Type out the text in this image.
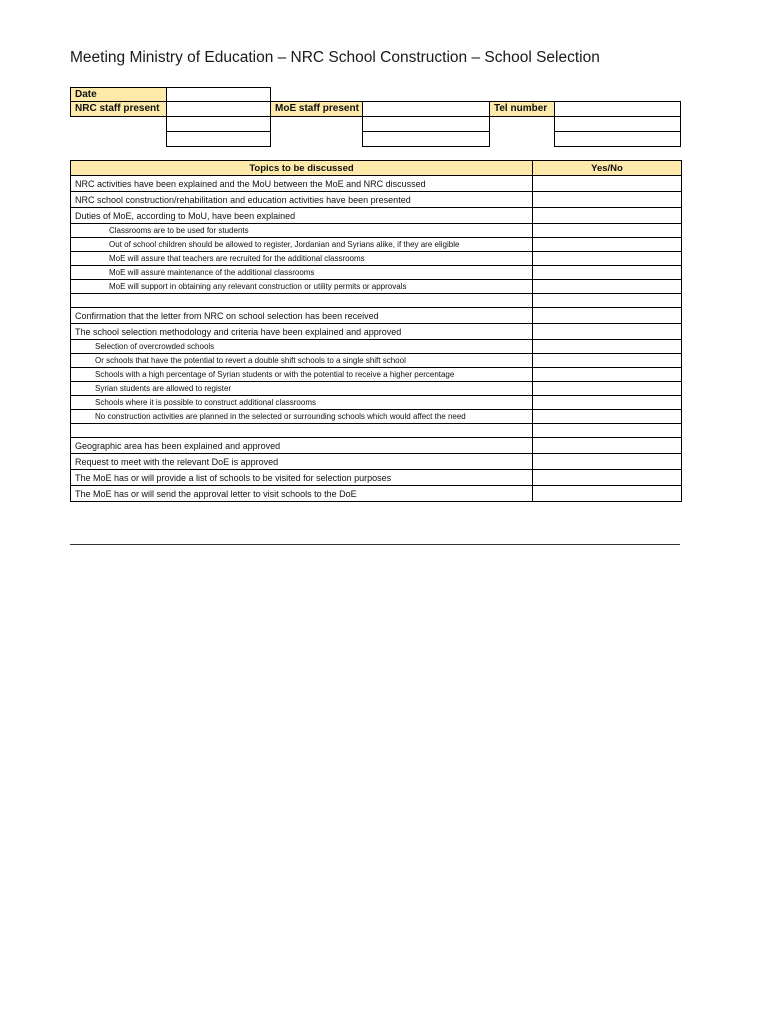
Meeting Ministry of Education – NRC School Construction – School Selection
Date
NRC staff present	MoE staff present	Tel number
Topics to be discussed	Yes/No
NRC activities have been explained and the MoU between the MoE and NRC discussed	
NRC school construction/rehabilitation and education activities have been presented	
Duties of MoE, according to MoU, have been explained	
Classrooms are to be used for students	
Out of school children should be allowed to register, Jordanian and Syrians alike, if they are eligible	
MoE will assure that teachers are recruited for the additional classrooms	
MoE will assure maintenance of the additional classrooms	
MoE will support in obtaining any relevant construction or utility permits or approvals	

Confirmation that the letter from NRC on school selection has been received	
The school selection methodology and criteria have been explained and approved	
Selection of overcrowded schools	
Or schools that have the potential to revert a double shift schools to a single shift school	
Schools with a high percentage of Syrian students or with the potential to receive a higher percentage	
Syrian students are allowed to register	
Schools where it is possible to construct additional classrooms	
No construction activities are planned in the selected or surrounding schools which would affect the need	

Geographic area has been explained and approved	
Request to meet with the relevant DoE is approved	
The MoE has or will provide a list of schools to be visited for selection purposes	
The MoE has or will send the approval letter to visit schools to the DoE	
